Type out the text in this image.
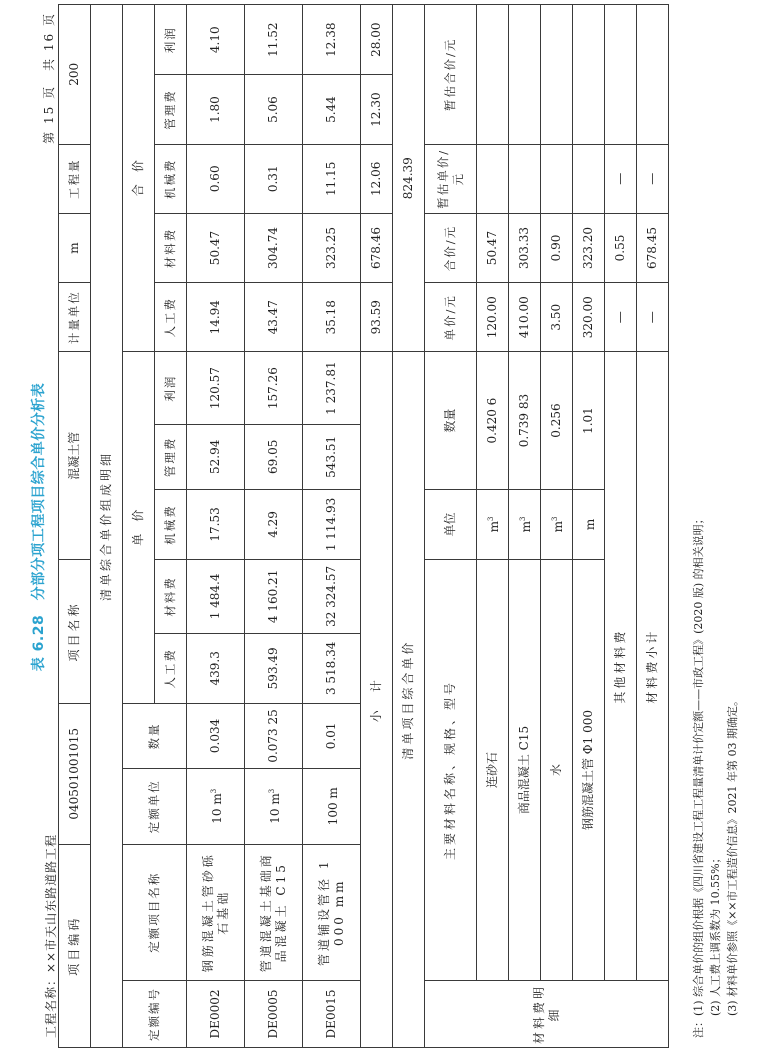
表 6.28　分部分项工程项目综合单价分析表
工程名称：××市天山东路道路工程
第 15 页　共 16 页
项目编码		040501001015		项目名称		混凝土管			计量单位	m	工程量	200	
清单综合单价组成明细													
定额编号	定额项目名称	定额单位	数量	单　价					合　价				
				人工费	材料费	机械费	管理费	利润	人工费	材料费	机械费	管理费	利润
DE0002	钢筋混凝土管砂砾石基础	10 $m^3$	0.034	439.3	1 484.4	17.53	52.94	120.57	14.94	50.47	0.60	1.80	4.10
DE0005	管道混凝土基础商品混凝土 C15	10 $m^3$	0.073 25	593.49	4 160.21	4.29	69.05	157.26	43.47	304.74	0.31	5.06	11.52
DE0015	管道铺设管径 1 000 mm	100 m	0.01	3 518.34	32 324.57	1 114.93	543.51	1 237.81	35.18	323.25	11.15	5.44	12.38
小　计									93.59	678.46	12.06	12.30	28.00
清单项目综合单价									824.39				
材料费明细	主要材料名称、规格、型号					单位	数量		单价/元	合价/元	暂估单价/元	暂估合价/元	
	连砂石					$m^3$	0.420 6		120.00	50.47			
	商品混凝土 C15					$m^3$	0.739 83		410.00	303.33			
	水					$m^3$	0.256		3.50	0.90			
	钢筋混凝土管 Φ1 000					m	1.01		320.00	323.20			
	其他材料费								—	0.55	—		
	材料费小计								—	678.45	—		
注：(1) 综合单价的组价根据《四川省建设工程工程量清单计价定额——市政工程》(2020 版) 的相关说明； 　　(2) 人工费上调系数为 10.55%； 　　(3) 材料单价参照《××市工程造价信息》2021 年第 03 期确定。
